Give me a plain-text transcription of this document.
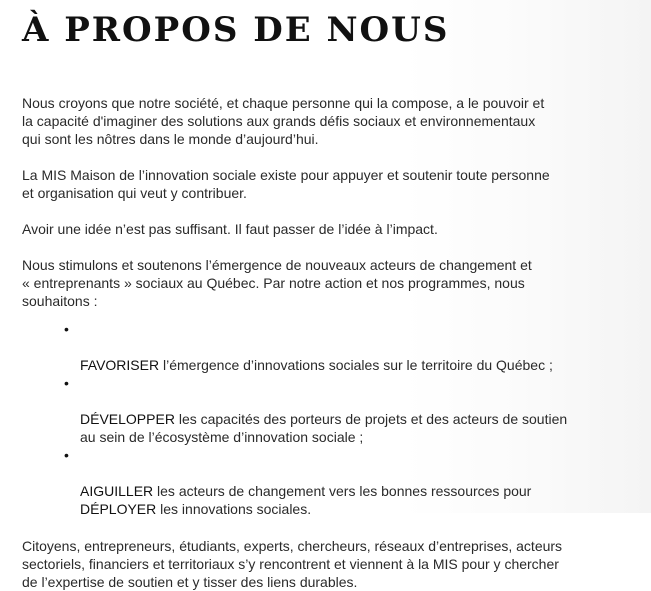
À PROPOS DE NOUS

Nous croyons que notre société, et chaque personne qui la compose, a le pouvoir et
la capacité d'imaginer des solutions aux grands défis sociaux et environnementaux
qui sont les nôtres dans le monde d’aujourd’hui.

La MIS Maison de l’innovation sociale existe pour appuyer et soutenir toute personne
et organisation qui veut y contribuer.

Avoir une idée n’est pas suffisant. Il faut passer de l’idée à l’impact.

Nous stimulons et soutenons l’émergence de nouveaux acteurs de changement et
« entreprenants » sociaux au Québec. Par notre action et nos programmes, nous
souhaitons :

•

FAVORISER l’émergence d’innovations sociales sur le territoire du Québec ;

•

DÉVELOPPER les capacités des porteurs de projets et des acteurs de soutien
au sein de l’écosystème d’innovation sociale ;

•

AIGUILLER les acteurs de changement vers les bonnes ressources pour
DÉPLOYER les innovations sociales.

Citoyens, entrepreneurs, étudiants, experts, chercheurs, réseaux d’entreprises, acteurs
sectoriels, financiers et territoriaux s’y rencontrent et viennent à la MIS pour y chercher
de l’expertise de soutien et y tisser des liens durables.
